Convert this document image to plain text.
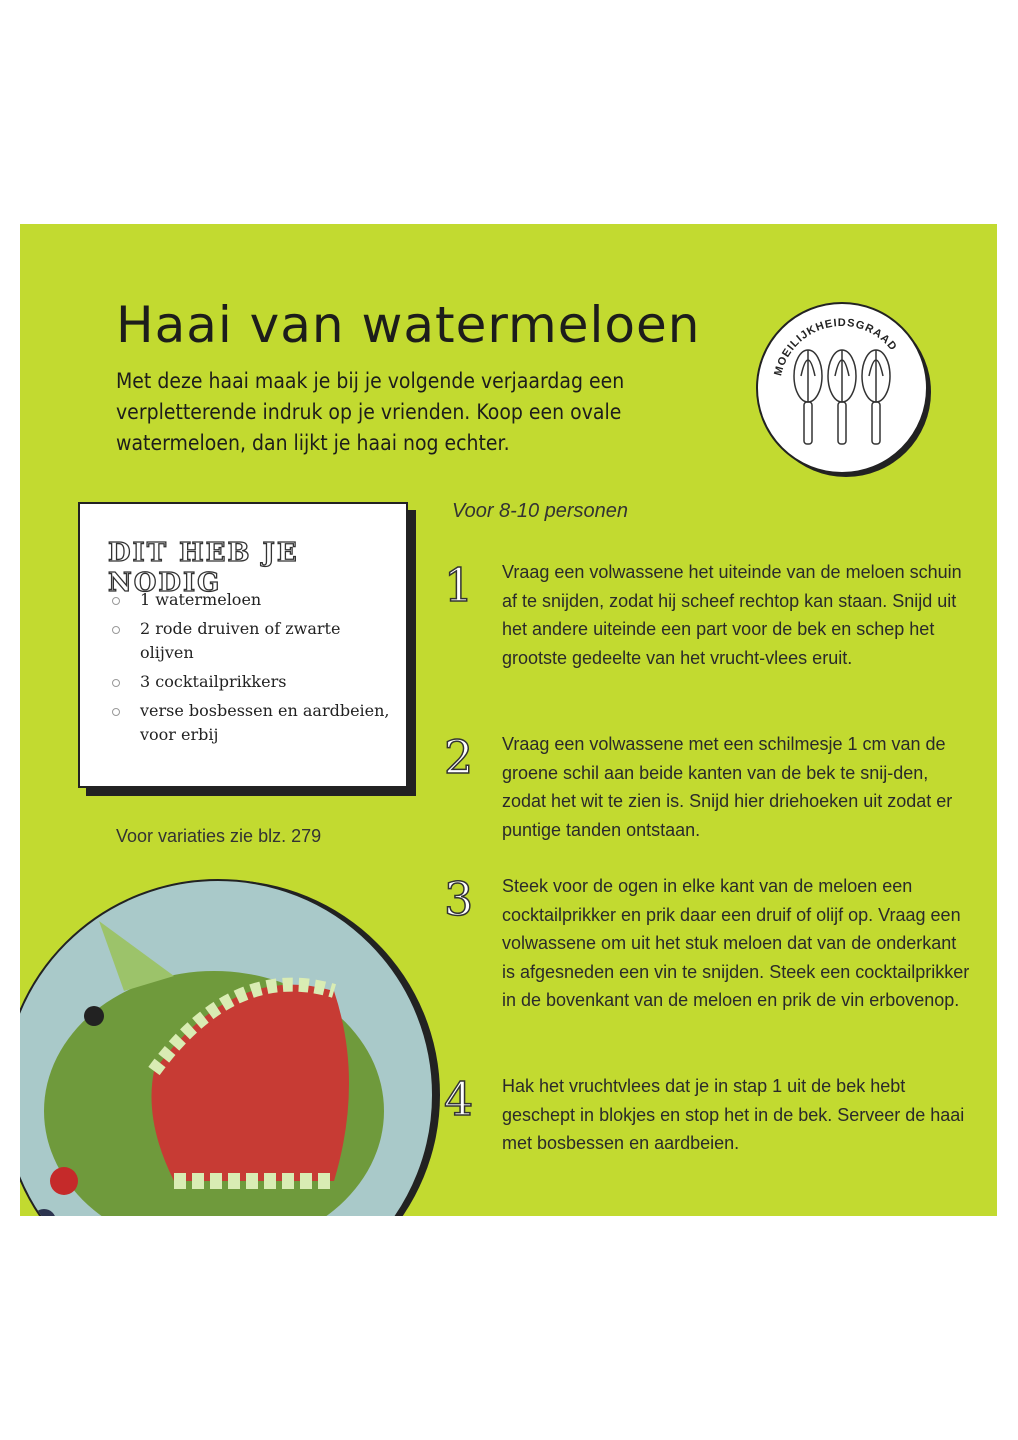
Haai van watermeloen

Met deze haai maak je bij je volgende verjaardag een verpletterende indruk op je vrienden. Koop een ovale watermeloen, dan lijkt je haai nog echter.

MOEILIJKHEIDSGRAAD
DIT HEB JE NODIG
1 watermeloen
2 rode druiven of zwarte olijven
3 cocktailprikkers
verse bosbessen en aardbeien, voor erbij
Voor variaties zie blz. 279
Voor 8-10 personen
1 Vraag een volwassene het uiteinde van de meloen schuin af te snijden, zodat hij scheef rechtop kan staan. Snijd uit het andere uiteinde een part voor de bek en schep het grootste gedeelte van het vrucht-vlees eruit.

2 Vraag een volwassene met een schilmesje 1 cm van de groene schil aan beide kanten van de bek te snij-den, zodat het wit te zien is. Snijd hier driehoeken uit zodat er puntige tanden ontstaan.

3 Steek voor de ogen in elke kant van de meloen een cocktailprikker en prik daar een druif of olijf op. Vraag een volwassene om uit het stuk meloen dat van de onderkant is afgesneden een vin te snijden. Steek een cocktailprikker in de bovenkant van de meloen en prik de vin erbovenop.

4 Hak het vruchtvlees dat je in stap 1 uit de bek hebt geschept in blokjes en stop het in de bek. Serveer de haai met bosbessen en aardbeien.
